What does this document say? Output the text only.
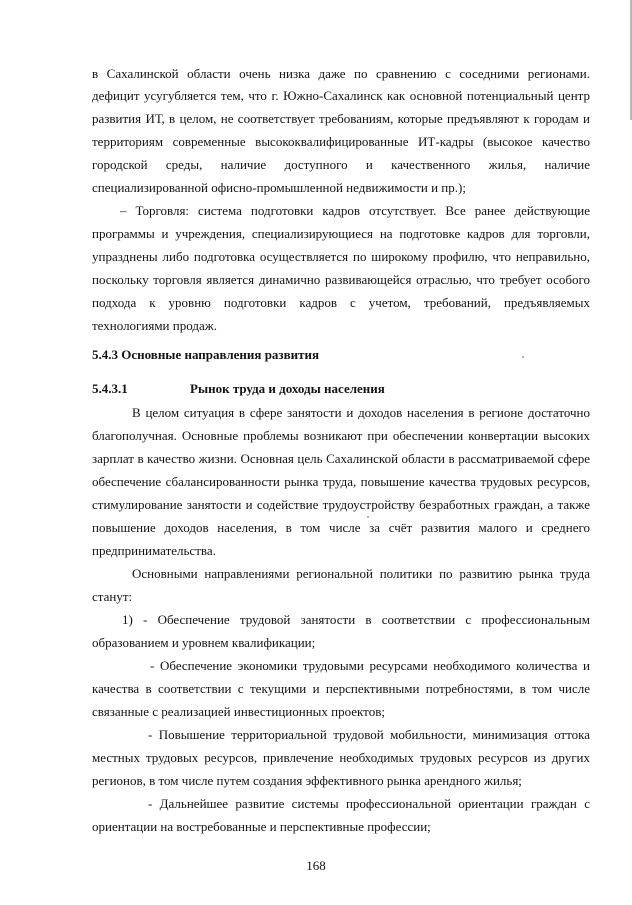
в Сахалинской области очень низка даже по сравнению с соседними регионами.
дефицит усугубляется тем, что г. Южно-Сахалинск как основной потенциальный центр
развития ИТ, в целом, не соответствует требованиям, которые предъявляют к городам и
территориям современные высококвалифицированные ИТ-кадры (высокое качество
городской среды, наличие доступного и качественного жилья, наличие
специализированной офисно-промышленной недвижимости и пр.);
– Торговля: система подготовки кадров отсутствует. Все ранее действующие
программы и учреждения, специализирующиеся на подготовке кадров для торговли,
упразднены либо подготовка осуществляется по широкому профилю, что неправильно,
поскольку торговля является динамично развивающейся отраслью, что требует особого
подхода к уровню подготовки кадров с учетом, требований, предъявляемых
технологиями продаж.
5.4.3 Основные направления развития
5.4.3.1	Рынок труда и доходы населения
В целом ситуация в сфере занятости и доходов населения в регионе достаточно
благополучная. Основные проблемы возникают при обеспечении конвертации высоких
зарплат в качество жизни. Основная цель Сахалинской области в рассматриваемой сфере
обеспечение сбалансированности рынка труда, повышение качества трудовых ресурсов,
стимулирование занятости и содействие трудоустройству безработных граждан, а также
повышение доходов населения, в том числе за счёт развития малого и среднего
предпринимательства.
Основными направлениями региональной политики по развитию рынка труда
станут:
1) - Обеспечение трудовой занятости в соответствии с профессиональным
образованием и уровнем квалификации;
- Обеспечение экономики трудовыми ресурсами необходимого количества и
качества в соответствии с текущими и перспективными потребностями, в том числе
связанные с реализацией инвестиционных проектов;
- Повышение территориальной трудовой мобильности, минимизация оттока
местных трудовых ресурсов, привлечение необходимых трудовых ресурсов из других
регионов, в том числе путем создания эффективного рынка арендного жилья;
- Дальнейшее развитие системы профессиональной ориентации граждан с
ориентации на востребованные и перспективные профессии;
168
